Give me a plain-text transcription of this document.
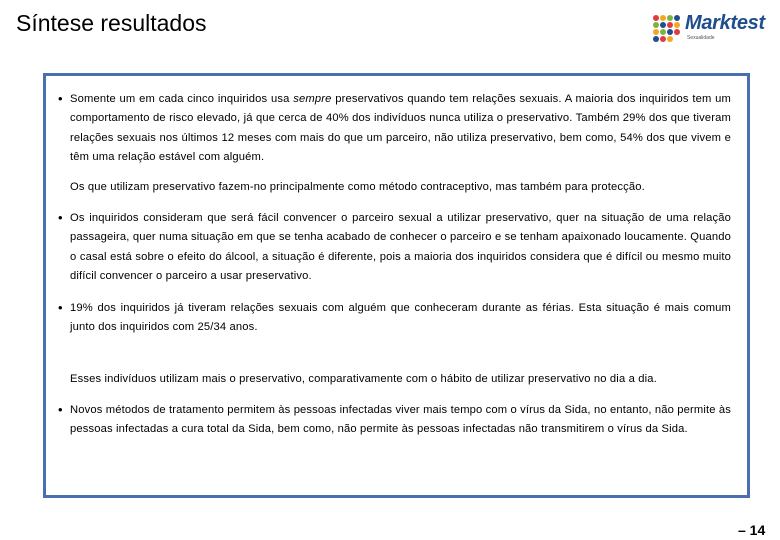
Síntese resultados	Marktest
Sexualidade
• Somente um em cada cinco inquiridos usa sempre preservativos quando tem relações sexuais. A maioria dos inquiridos tem um comportamento de risco elevado, já que cerca de 40% dos indivíduos nunca utiliza o preservativo. Também 29% dos que tiveram relações sexuais nos últimos 12 meses com mais do que um parceiro, não utiliza preservativo, bem como, 54% dos que vivem e têm uma relação estável com alguém.
Os que utilizam preservativo fazem-no principalmente como método contraceptivo, mas também para protecção.
• Os inquiridos consideram que será fácil convencer o parceiro sexual a utilizar preservativo, quer na situação de uma relação passageira, quer numa situação em que se tenha acabado de conhecer o parceiro e se tenham apaixonado loucamente. Quando o casal está sobre o efeito do álcool, a situação é diferente, pois a maioria dos inquiridos considera que é difícil ou mesmo muito difícil convencer o parceiro a usar preservativo.
• 19% dos inquiridos já tiveram relações sexuais com alguém que conheceram durante as férias. Esta situação é mais comum junto dos inquiridos com 25/34 anos.
Esses indivíduos utilizam mais o preservativo, comparativamente com o hábito de utilizar preservativo no dia a dia.
• Novos métodos de tratamento permitem às pessoas infectadas viver mais tempo com o vírus da Sida, no entanto, não permite às pessoas infectadas a cura total da Sida, bem como, não permite às pessoas infectadas não transmitirem o vírus da Sida.
– 14
